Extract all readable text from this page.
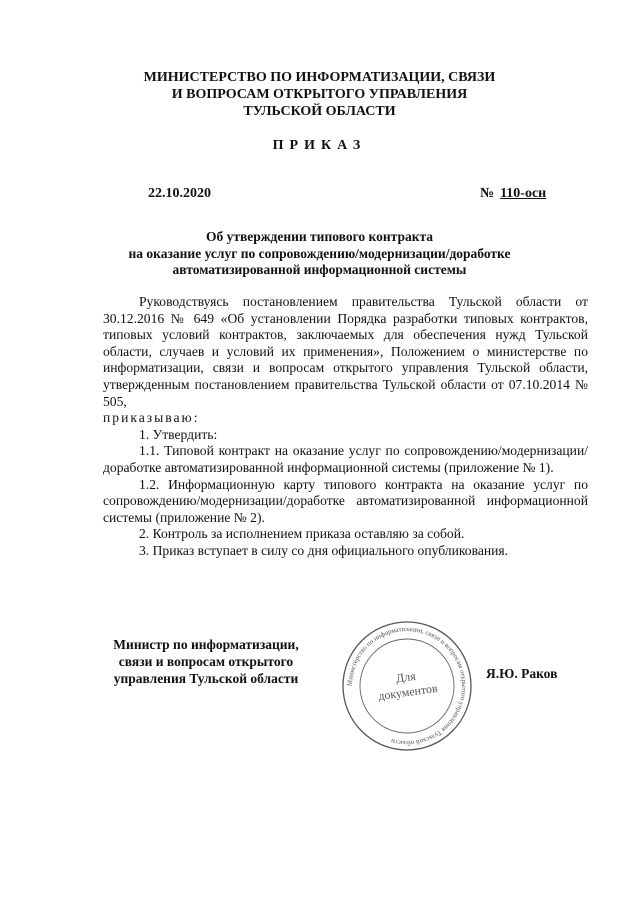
МИНИСТЕРСТВО ПО ИНФОРМАТИЗАЦИИ, СВЯЗИ
И ВОПРОСАМ ОТКРЫТОГО УПРАВЛЕНИЯ
ТУЛЬСКОЙ ОБЛАСТИ
ПРИКАЗ
22.10.2020	№ 110-осн
Об утверждении типового контракта
на оказание услуг по сопровождению/модернизации/доработке
автоматизированной информационной системы

Руководствуясь постановлением правительства Тульской области от 30.12.2016 № 649 «Об установлении Порядка разработки типовых контрактов, типовых условий контрактов, заключаемых для обеспечения нужд Тульской области, случаев и условий их применения», Положением о министерстве по информатизации, связи и вопросам открытого управления Тульской области, утвержденным постановлением правительства Тульской области от 07.10.2014 № 505,

приказываю:

1. Утвердить:

1.1. Типовой контракт на оказание услуг по сопровождению/модернизации/доработке автоматизированной информационной системы (приложение № 1).

1.2. Информационную карту типового контракта на оказание услуг по сопровождению/модернизации/доработке автоматизированной информационной системы (приложение № 2).

2. Контроль за исполнением приказа оставляю за собой.

3. Приказ вступает в силу со дня официального опубликования.

Министр по информатизации,
связи и вопросам открытого
управления Тульской области	Министерство по информатизации, связи и вопросам открытого управления Тульской области
Для
документов
Я.Ю. Раков
